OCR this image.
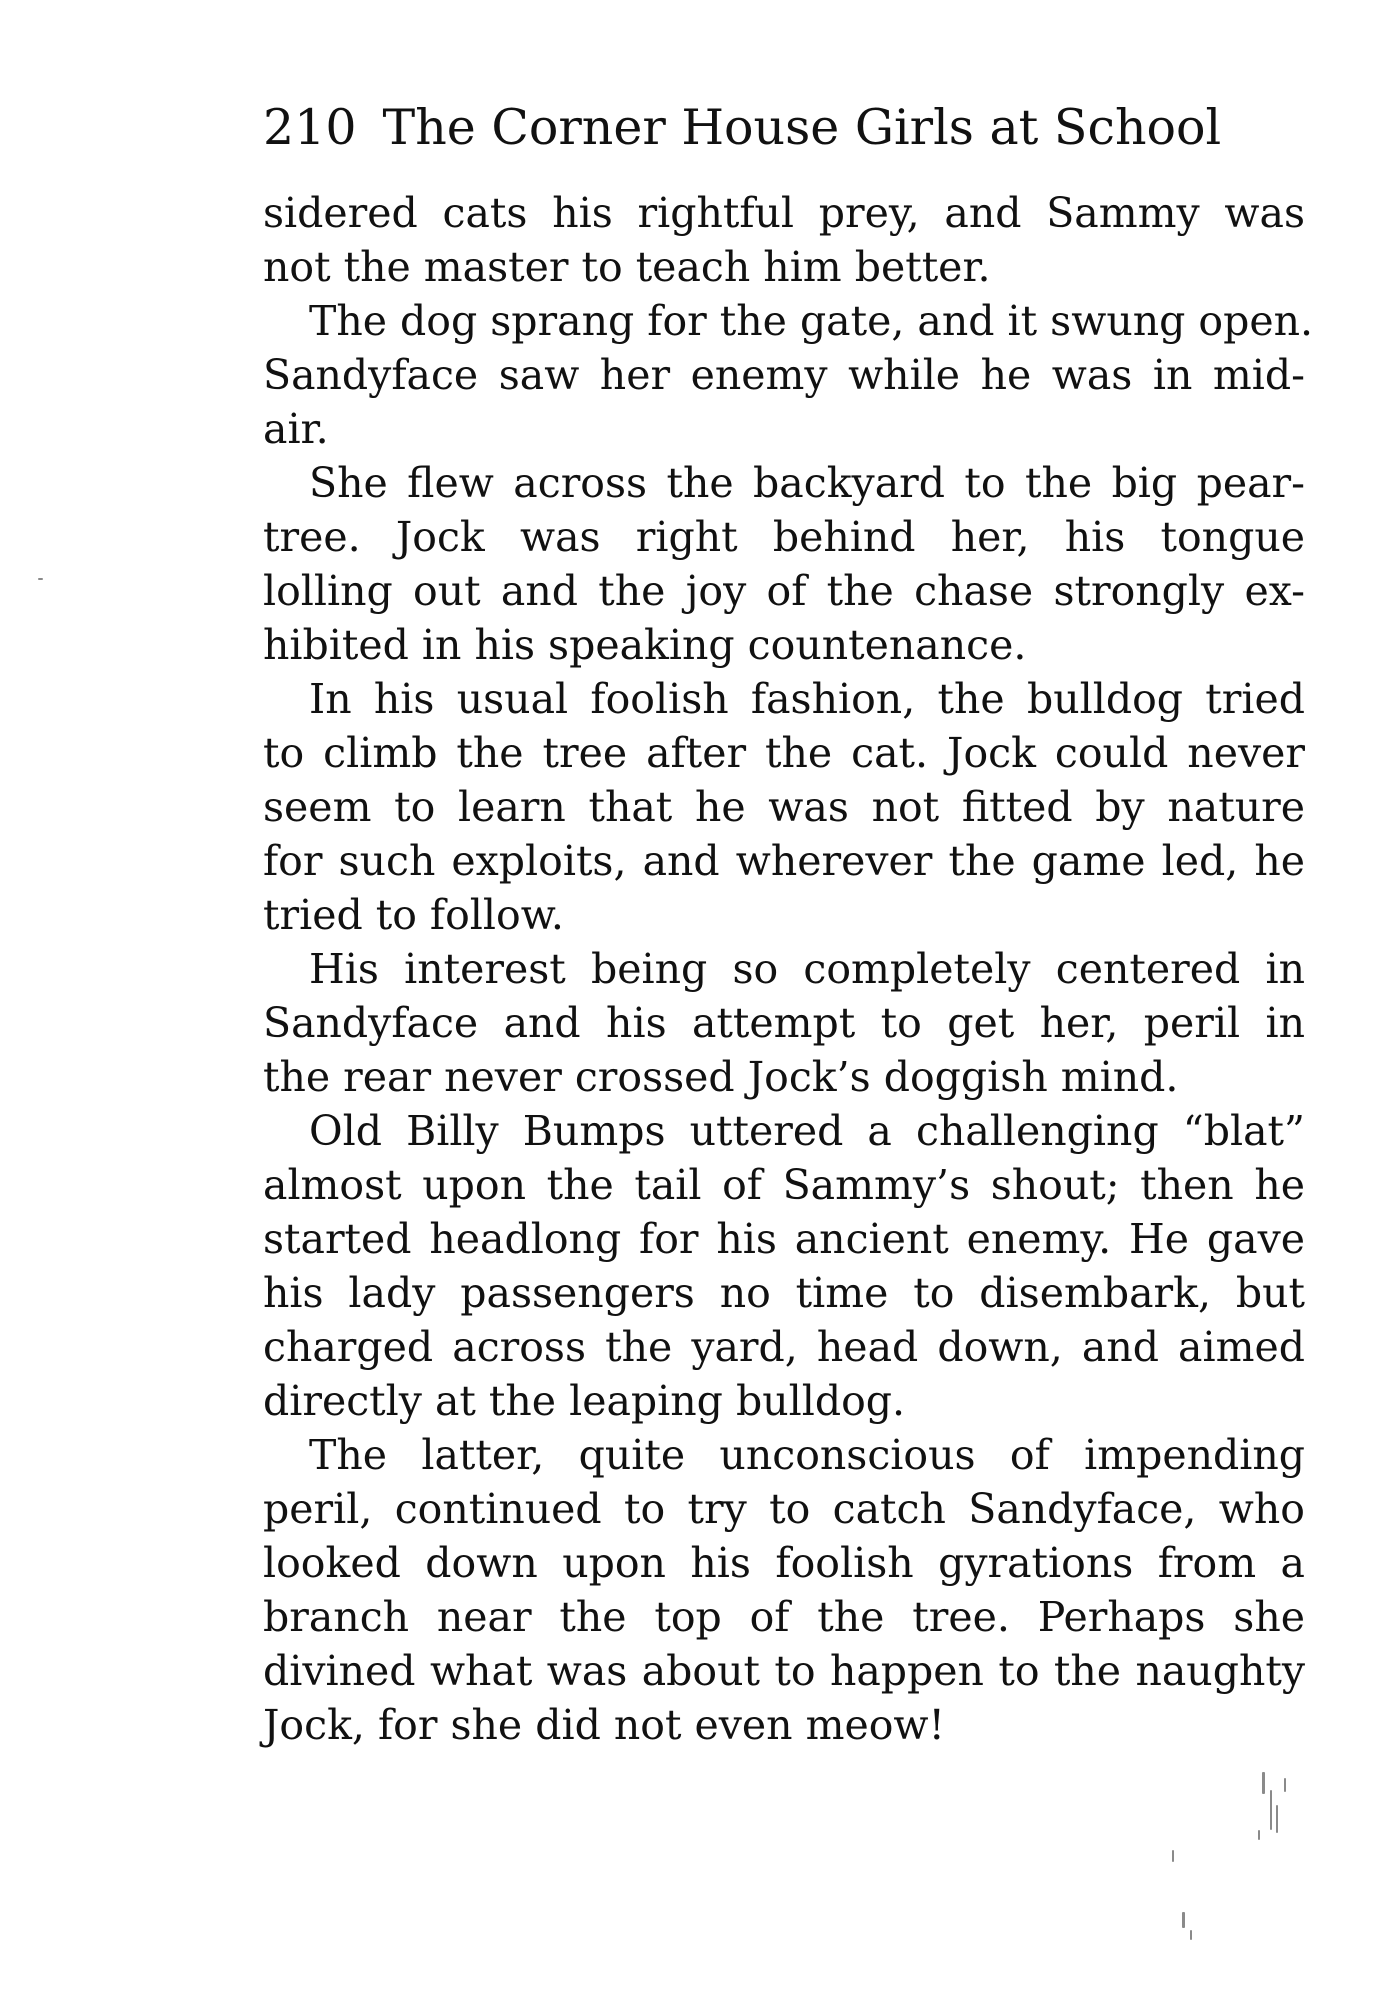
210 The Corner House Girls at School
sidered cats his rightful prey, and Sammy was
not the master to teach him better.
The dog sprang for the gate, and it swung open.
Sandyface saw her enemy while he was in mid-
air.
She flew across the backyard to the big pear-
tree. Jock was right behind her, his tongue
lolling out and the joy of the chase strongly ex-
hibited in his speaking countenance.
In his usual foolish fashion, the bulldog tried
to climb the tree after the cat. Jock could never
seem to learn that he was not fitted by nature
for such exploits, and wherever the game led, he
tried to follow.
His interest being so completely centered in
Sandyface and his attempt to get her, peril in
the rear never crossed Jock’s doggish mind.
Old Billy Bumps uttered a challenging “blat”
almost upon the tail of Sammy’s shout; then he
started headlong for his ancient enemy. He gave
his lady passengers no time to disembark, but
charged across the yard, head down, and aimed
directly at the leaping bulldog.
The latter, quite unconscious of impending
peril, continued to try to catch Sandyface, who
looked down upon his foolish gyrations from a
branch near the top of the tree. Perhaps she
divined what was about to happen to the naughty
Jock, for she did not even meow!
